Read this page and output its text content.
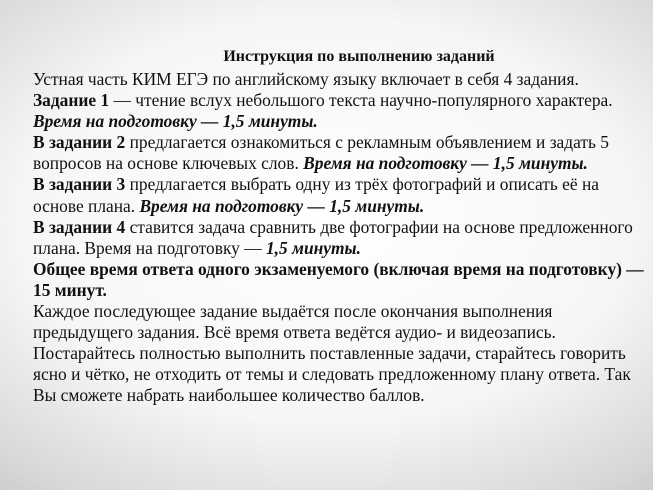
Инструкция по выполнению заданий

Устная часть КИМ ЕГЭ по английскому языку включает в себя 4 задания.

Задание 1 — чтение вслух небольшого текста научно-популярного характера. Время на подготовку — 1,5 минуты.

В задании 2 предлагается ознакомиться с рекламным объявлением и задать 5 вопросов на основе ключевых слов. Время на подготовку — 1,5 минуты.

В задании 3 предлагается выбрать одну из трёх фотографий и описать её на основе плана. Время на подготовку — 1,5 минуты.

В задании 4 ставится задача сравнить две фотографии на основе предложенного плана. Время на подготовку — 1,5 минуты.

Общее время ответа одного экзаменуемого (включая время на подготовку) — 15 минут.

Каждое последующее задание выдаётся после окончания выполнения предыдущего задания. Всё время ответа ведётся аудио- и видеозапись. Постарайтесь полностью выполнить поставленные задачи, старайтесь говорить ясно и чётко, не отходить от темы и следовать предложенному плану ответа. Так Вы сможете набрать наибольшее количество баллов.
